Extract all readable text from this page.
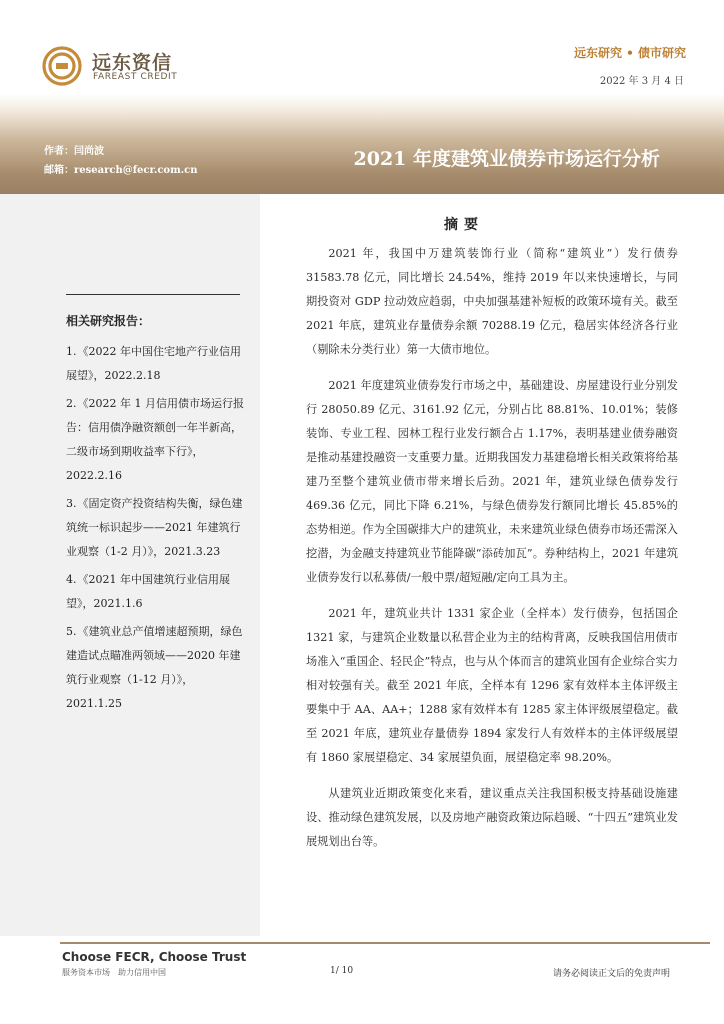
远东资信
FAREAST CREDIT
远东研究 • 债市研究
2022 年 3 月 4 日
作者：闫尚波
邮箱：research@fecr.com.cn
2021 年度建筑业债券市场运行分析
相关研究报告：
1.《2022 年中国住宅地产行业信用展望》，2022.2.18
2.《2022 年 1 月信用债市场运行报告：信用债净融资额创一年半新高，二级市场到期收益率下行》，2022.2.16
3.《固定资产投资结构失衡，绿色建筑统一标识起步——2021 年建筑行业观察（1-2 月）》，2021.3.23
4.《2021 年中国建筑行业信用展望》，2021.1.6
5.《建筑业总产值增速超预期，绿色建造试点瞄准两领域——2020 年建筑行业观察（1-12 月）》，2021.1.25
摘要

2021 年，我国中万建筑装饰行业（简称“建筑业”）发行债券 31583.78 亿元，同比增长 24.54%，维持 2019 年以来快速增长，与同期投资对 GDP 拉动效应趋弱，中央加强基建补短板的政策环境有关。截至 2021 年底，建筑业存量债券余额 70288.19 亿元，稳居实体经济各行业（剔除未分类行业）第一大债市地位。

2021 年度建筑业债券发行市场之中，基础建设、房屋建设行业分别发行 28050.89 亿元、3161.92 亿元，分别占比 88.81%、10.01%；装修装饰、专业工程、园林工程行业发行额合占 1.17%，表明基建业债券融资是推动基建投融资一支重要力量。近期我国发力基建稳增长相关政策将给基建乃至整个建筑业债市带来增长后劲。2021 年，建筑业绿色债券发行 469.36 亿元，同比下降 6.21%，与绿色债券发行额同比增长 45.85%的态势相逆。作为全国碳排大户的建筑业，未来建筑业绿色债券市场还需深入挖潜，为金融支持建筑业节能降碳“添砖加瓦”。券种结构上，2021 年建筑业债券发行以私募债/一般中票/超短融/定向工具为主。

2021 年，建筑业共计 1331 家企业（全样本）发行债券，包括国企 1321 家，与建筑企业数量以私营企业为主的结构背离，反映我国信用债市场准入“重国企、轻民企”特点，也与从个体而言的建筑业国有企业综合实力相对较强有关。截至 2021 年底，全样本有 1296 家有效样本主体评级主要集中于 AA、AA+；1288 家有效样本有 1285 家主体评级展望稳定。截至 2021 年底，建筑业存量债券 1894 家发行人有效样本的主体评级展望有 1860 家展望稳定、34 家展望负面，展望稳定率 98.20%。

从建筑业近期政策变化来看，建议重点关注我国积极支持基础设施建设、推动绿色建筑发展，以及房地产融资政策边际趋暖、“十四五”建筑业发展规划出台等。

Choose FECR, Choose Trust
服务资本市场　助力信用中国	1/ 10	请务必阅读正文后的免责声明
